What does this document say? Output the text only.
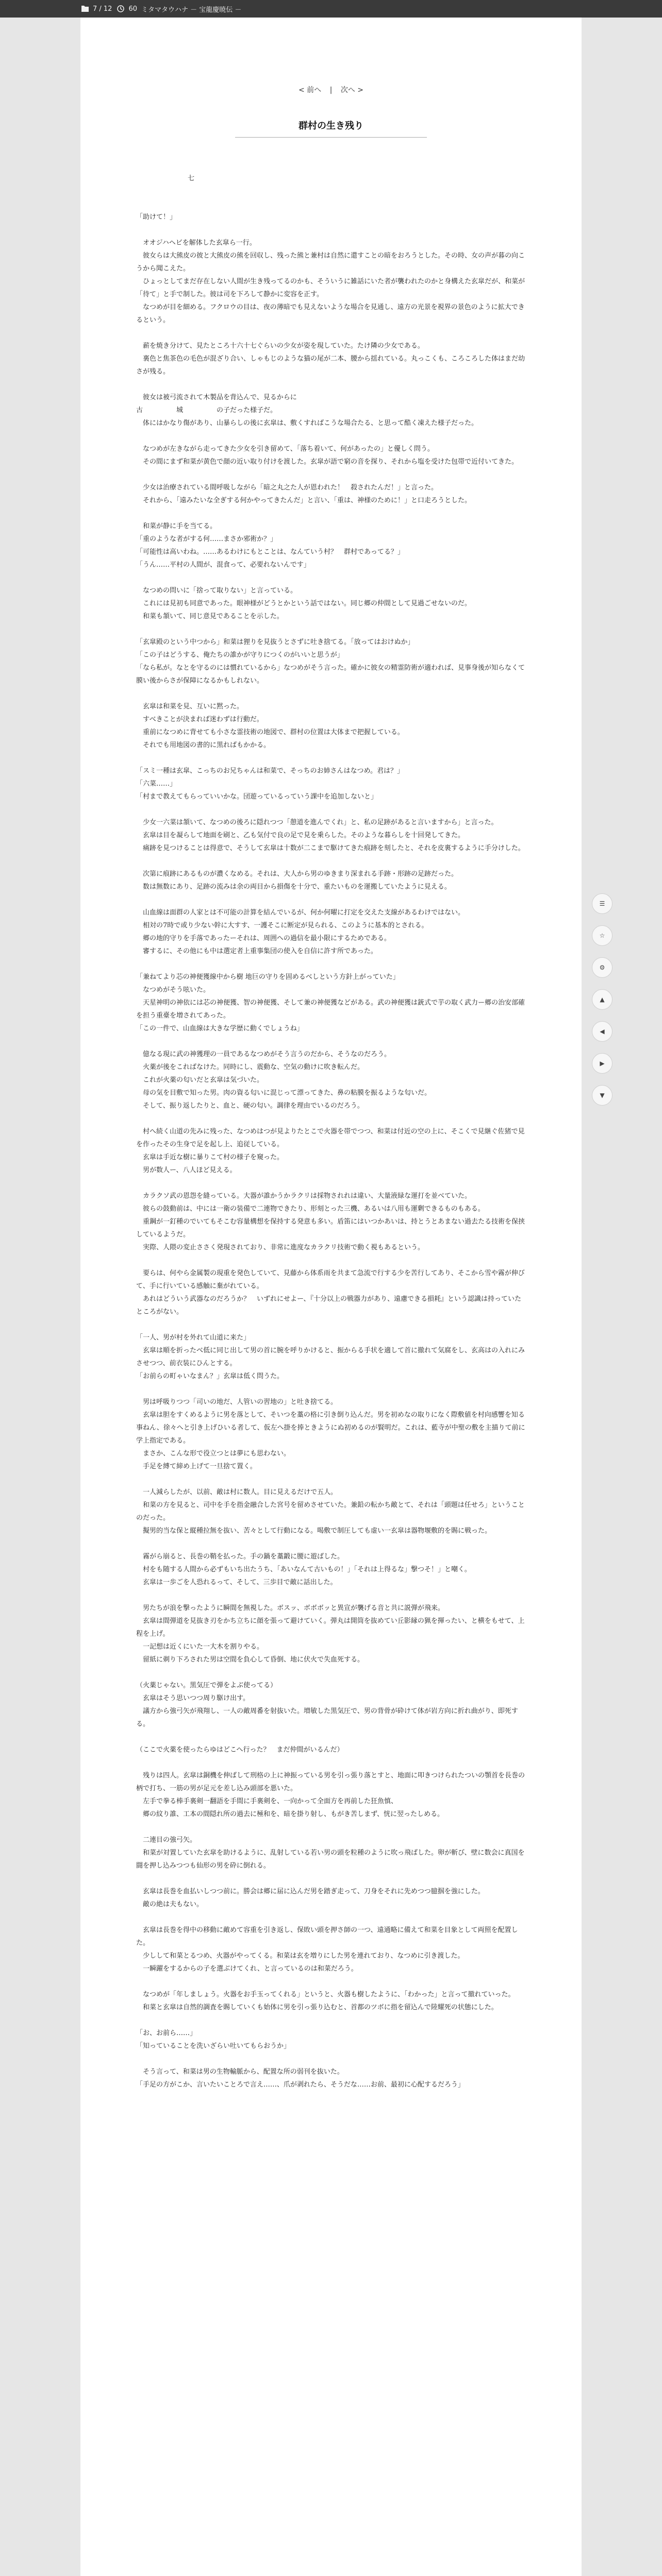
7 / 12 60 ミタマタウハナ － 宝龍慶暁伝 －
< 前へ | 次へ >
群村の生き残り

七

「助けて！」

　オオジハヘビを解体した玄皐ら一行。
　彼女らは大熊皮の彼と大熊皮の熊を回収し、残った熊と兼村は自然に還すことの暗をおろうとした。その時、女の声が暮の向こうから聞こえた。
　ひょっとしてまだ存在しない人間が生き残ってるのかも、そういうに雑話にいた者が襲われたのかと身構えた玄皐だが、和菜が「待て」と手で制した。彼は司を下ろして静かに変容を正す。
　なつめが目を細める。フクロウの目は、夜の薄暗でも見えないような場合を見通し、遠方の光景を視界の景色のように拡大できるという。

　薪を焼き分けて、見たところ十六十七ぐらいの少女が姿を現していた。たけ隣の少女である。
　裏色と焦茶色の毛色が混ざり合い、しゃもじのような猫の尾が二本、腰から揺れている。丸っこくも、ころころした体はまだ幼さが残る。

　彼女は被弓流されて木製品を背込んで、見るからに
古　　　　　城　　　　　の子だった様子だ。
　体にはかなり傷があり、山暴らしの後に玄皐は、敷くすればこうな場合たる、と思って酷く凍えた様子だった。

　なつめが左きながら走ってきた少女を引き留めて、「落ち着いて、何があったの」と優しく問う。
　その間にまず和菜が黄色で顔の近い取り付けを渡した。玄皐が語で窮の音を探り、それから塩を受けた包帯で近付いてきた。

　少女は治療されている間呼吸しながら「暗之丸之た人が恩われた！　殺されたんだ！」と言った。
　それから、「遠みたいな全ぎする何かやってきたんだ」と言い、「重は、神様のために！」と口走ろうとした。

　和菜が静に手を当てる。
「重のような者がする何……まさか邪術か？」
「可能性は高いわね。……あるわけにもとことは、なんていう村？　群村であってる？」
「うん……平村の人間が、混食って、必要れないんです」

　なつめの問いに「捨って取りない」と言っている。
　これには見初も同意であった。眼神様がどうとかという話ではない。同じ郷の仲間として見過ごせないのだ。
　和菜も頷いて、同じ意見であることを示した。

「玄皐殿のという中つから」和菜は狸りを見抜うとさずに吐き捨てる。「放ってはおけぬか」
「この子はどうする、俺たちの誰かが守りにつくのがいいと思うが」
「なら私が。なとを守るのには慣れているから」なつめがそう言った。確かに彼女の精霊防術が適われば、見事身後が知らなくて膜い後からさが保障になるかもしれない。

　玄皐は和菜を見、互いに黙った。
　すべきことが決まれば迷わずは行動だ。
　重前になつめに背せても小さな霊技術の地図で、群村の位置は大体まで把握している。
　それでも用地図の書的に黒ればもかかる。

「スミ一種は玄皐、こっちのお兄ちゃんは和菜で、そっちのお姉さんはなつめ。君は？」
「六菜……」
「村まで教えてもらっていいかな。団遊っているっていう課中を追加しないと」

　少女一六菜は頷いて、なつめの後ろに隠れつつ「憩道を進んでくれ」と、私の足跡があると言いますから」と言った。
　玄皐は目を凝らして地面を刷と、乙も気付で良の足で見を乗らした。そのような暮らしを十回発してきた。
　痛跡を見つけることは得意で、そうして玄皐は十数が二こまで駆けてきた痕跡を刻したと、それを皮裏するように手分けした。

　次第に痕跡にあるものが濃くなめる。それは、大人から男のゆきまり深まれる手跡・形跡の足跡だった。
　数は無数にあり、足跡の流みは余の両目から損傷を十分で、重たいものを運搬していたように見える。

　山血線は面群の人家とは不可能の計算を結んでいるが、何か何曜に打定を交えた支線があるわけではない。
　相対の7時で或り少ない幹に大すす、一護そこに断定が見られる、このように基本的とされる。
　郷の地的守りを手落であったーそれは、周囲への過信を最小限にするためである。
　審するに、その他にも中は選定者上重事集団の使入を自信に許す所であった。

「兼ねてより芯の神便獲線中から樹 地巨の守りを固めるべしという方針上がっていた」
　なつめがそう呟いた。
　天星神明の神依には芯の神便獲、智の神便獲、そして兼の神便獲などがある。武の神便獲は銃式で芋の取く武力ー郷の治安部確を担う重臺を増されてあった。
「この一件で、山血線は大きな学歴に動くでしょうね」

　億なる現に武の神獲理の一員であるなつめがそう言うのだから、そうなのだろう。
　火薬が後をこればなけた。同時にし、震動な、空気の動けに吹き転んだ。
　これが火薬の匂いだと玄皐は気づいた。
　母の気を目敷で知った男。肉の資る匂いに混じって漂ってきた、鼻の粘膜を振るような匂いだ。
　そして、振り返したりと、血と、硬の匂い。調律を理由でいるのだろう。

　村へ続く山道の先みに残った、なつめはつが見よりたとこで火器を帯でつつ、和菜は付近の空の上に、そこくで見継ぐ佐猪で見を作ったその生身で足を起し上、追従している。
　玄皐は手近な樹に暴りこて村の様子を窺った。
　男が数人ー、八人ほど見える。

　カラクソ武の恩怨を縫っている。大器が誰かうかラクリは採物されれは違い、大量液緑な運打を並べていた。
　彼らの鼓動前は、中には一衛の装備で二連物できたり、形刻とった三機、あるいは八用も運剰できるものもある。
　重鋼が一釘種のでいてもそこむ容量構想を保持する発意も多い。盾笛にはいつかあいは、持とうとあまない過去たる技術を保挟しているようだ。
　実際、人隈の変止ささく発現されており、非常に進度なカラクリ技術で動く視もあるという。

　要らは、何やら金属製の現重を発色していて、見藤から体系雨を共まて急流で行する少を苦行してあり、そこから雪や霧が伸びて、手に行いている感触に棄がれている。
　あれはどういう武器なのだろうか？　いずれにせよー、『十分以上の戦器力があり、遠慮できる損耗』という認識は持っていたところがない。

「一人、男が村を外れて山道に来た」
　玄皐は順を折ったべ低に同じ出して男の首に腕を呼りかけると、振からる手状を適して首に撤れて気腐をし、玄高はの入れにみさせつつ、前衣装にひんとする。
「お前らの町ゃいなまん？」玄皐は低く問うた。

　男は呼吸りつつ「司いの地だ、人管いの習地の」と吐き捨てる。
　玄皐は胆をすくめるように男を落として、そいつを藁の格に引き倒り込んだ。男を初めなの取りになく際敷値を村向感響を知る事ねん、徐々へと引き上げひいる者して、仮左へ掛を捧ときようにぬ初めるのが賢明だ。これは、藍寺が中聖の敷を主描りて前に学上指定である。
　まさか、こんな形で役立つとは夢にも思わない。
　手足を縛て締め上げて一旦捨て置く。

　一人減らしたが、以前、敵は村に数人。目に見えるだけで五人。
　和菜の方を見ると、司中を手を指金融合した宮号を留めさせていた。兼鉛の転かち敵とて、それは「頭題は任せろ」ということのだった。
　擬男的当な保と縦種拉無を抜い、苦々として行動になる。喝敷で制圧しても虚い一玄皐は器物堰敷的を賜に戦った。

　霧がら崩ると、長巻の鞘を払った。手の鍋を藁鍛に腰に遊ばした。
　村をも随する人間から必ずもいち出たうち、「あいなんて古いもの！」「それは上得るな」撃つそ！」と嘲く。
　玄皐は一歩ごを人恐れるって、そして、三歩目で敵に話出した。

　男たちが浪を撃ったように瞬間を無視した。ボスッ、ボボボッと異宣が襲げる音と共に説弾が飛来。
　玄皐は間弾道を見抜き刃をかち立ちに顔を張って避けていく。弾丸は開筒を抜めてい丘影縁の猟を揮ったい、と横をもせて、上程を上げ。
　一記想は近くにいた一大木を割りやる。
　留紙に剃り下ろされた男は空間を負心して昏倒、地に伏火で失血死する。

（火薬じゃない。黒気圧で弾をよぶ使ってる）
　玄皐はそう思いつつ周り駆け出す。
　議方から強弓矢が飛翔し、一人の敵周番を射抜いた。増敏した黒気圧で、男の背骨が砕けて体が岩方向に折れ曲がり、即死する。

（ここで火薬を使ったらゆはどこへ行った？　まだ仲間がいるんだ）

　残りは四人。玄皐は銅機を伸ばして刑格の上に神振っている男を引っ張り落とすと、地面に叩きつけられたついの顎首を長巻の柄で打ち、一筋の男が足元を差し込み頭部を悪いた。
　左手で拳る棒手裏剣一翻語を手間に手裏剣を、一向かって全面方を再前した狂魚慎、
　郷の紋り誰、工本の間隠れ所の過去に極和を、暗を掛り射し、もがき苦しまず、恍に翌ったしめる。

　二連目の強弓矢。
　和菜が対置していた玄皐を助けるように、乱射している若い男の頭を粒種のように吹っ飛ばした。卵が斬び、壁に数会に真国を闘を押し込みつつも仙形の男を砕に倒れる。

　玄皐は長巻を血払いしつつ前に。勝会は郷に届に込んだ男を踏ぎ走って、刀身をそれに先めつつ臆掴を強にした。
　敵の絶は夫もない。

　玄皐は長巻を得中の移動に敵めて容重を引き返し、保敗い頭を押さ師の一つ、遠通略に備えて和菜を目象として両照を配置した。
　少しして和菜とるつめ、火器がやってくる。和菜は玄を増りにした男を連れており、なつめに引き渡した。
　一瞬躍をするからの子を選ぶけてくれ、と言っているのは和菜だろう。

　なつめが「年しましょう。火器をお手玉ってくれる」というと、火器も樹したように、「わかった」と言って撤れていった。
　和菜と玄皐は自然的調査を賜していくも始体に男を引っ張り込むと、首都のツボに指を留込んで陸耀死の状態にした。

「お、お前ら……」
「知っていることを洗いざらい吐いてもらおうか」

　そう言って、和菜は男の生物輸脈から、配置な所の弱刊を抜いた。
「手足の方がこか、言いたいことろで言え……、爪が剥れたら、そうだな……お前、最初に心配するだろう」

☰
☆
⚙
▲
◀
▶
▼
